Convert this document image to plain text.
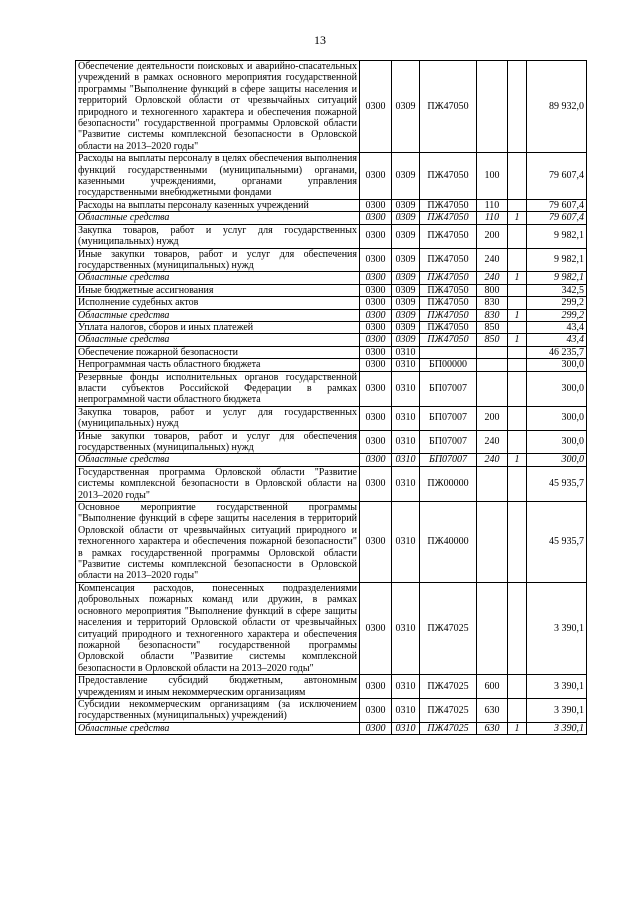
13
Обеспечение деятельности поисковых и аварийно-спасательных учреждений в рамках основного мероприятия государственной программы "Выполнение функций в сфере защиты населения и территорий Орловской области от чрезвычайных ситуаций природного и техногенного характера и обеспечения пожарной безопасности" государственной программы Орловской области "Развитие системы комплексной безопасности в Орловской области на 2013–2020 годы"	0300	0309	ПЖ47050			89 932,0
Расходы на выплаты персоналу в целях обеспечения выполнения функций государственными (муниципальными) органами, казенными учреждениями, органами управления государственными внебюджетными фондами	0300	0309	ПЖ47050	100		79 607,4
Расходы на выплаты персоналу казенных учреждений	0300	0309	ПЖ47050	110		79 607,4
Областные средства	0300	0309	ПЖ47050	110	1	79 607,4
Закупка товаров, работ и услуг для государственных (муниципальных) нужд	0300	0309	ПЖ47050	200		9 982,1
Иные закупки товаров, работ и услуг для обеспечения государственных (муниципальных) нужд	0300	0309	ПЖ47050	240		9 982,1
Областные средства	0300	0309	ПЖ47050	240	1	9 982,1
Иные бюджетные ассигнования	0300	0309	ПЖ47050	800		342,5
Исполнение судебных актов	0300	0309	ПЖ47050	830		299,2
Областные средства	0300	0309	ПЖ47050	830	1	299,2
Уплата налогов, сборов и иных платежей	0300	0309	ПЖ47050	850		43,4
Областные средства	0300	0309	ПЖ47050	850	1	43,4
Обеспечение пожарной безопасности	0300	0310				46 235,7
Непрограммная часть областного бюджета	0300	0310	БП00000			300,0
Резервные фонды исполнительных органов государственной власти субъектов Российской Федерации в рамках непрограммной части областного бюджета	0300	0310	БП07007			300,0
Закупка товаров, работ и услуг для государственных (муниципальных) нужд	0300	0310	БП07007	200		300,0
Иные закупки товаров, работ и услуг для обеспечения государственных (муниципальных) нужд	0300	0310	БП07007	240		300,0
Областные средства	0300	0310	БП07007	240	1	300,0
Государственная программа Орловской области "Развитие системы комплексной безопасности в Орловской области на 2013–2020 годы"	0300	0310	ПЖ00000			45 935,7
Основное мероприятие государственной программы "Выполнение функций в сфере защиты населения в территорий Орловской области от чрезвычайных ситуаций природного и техногенного характера и обеспечения пожарной безопасности" в рамках государственной программы Орловской области "Развитие системы комплексной безопасности в Орловской области на 2013–2020 годы"	0300	0310	ПЖ40000			45 935,7
Компенсация расходов, понесенных подразделениями добровольных пожарных команд или дружин, в рамках основного мероприятия "Выполнение функций в сфере защиты населения и территорий Орловской области от чрезвычайных ситуаций природного и техногенного характера и обеспечения пожарной безопасности" государственной программы Орловской области "Развитие системы комплексной безопасности в Орловской области на 2013–2020 годы"	0300	0310	ПЖ47025			3 390,1
Предоставление субсидий бюджетным, автономным учреждениям и иным некоммерческим организациям	0300	0310	ПЖ47025	600		3 390,1
Субсидии некоммерческим организациям (за исключением государственных (муниципальных) учреждений)	0300	0310	ПЖ47025	630		3 390,1
Областные средства	0300	0310	ПЖ47025	630	1	3 390,1
